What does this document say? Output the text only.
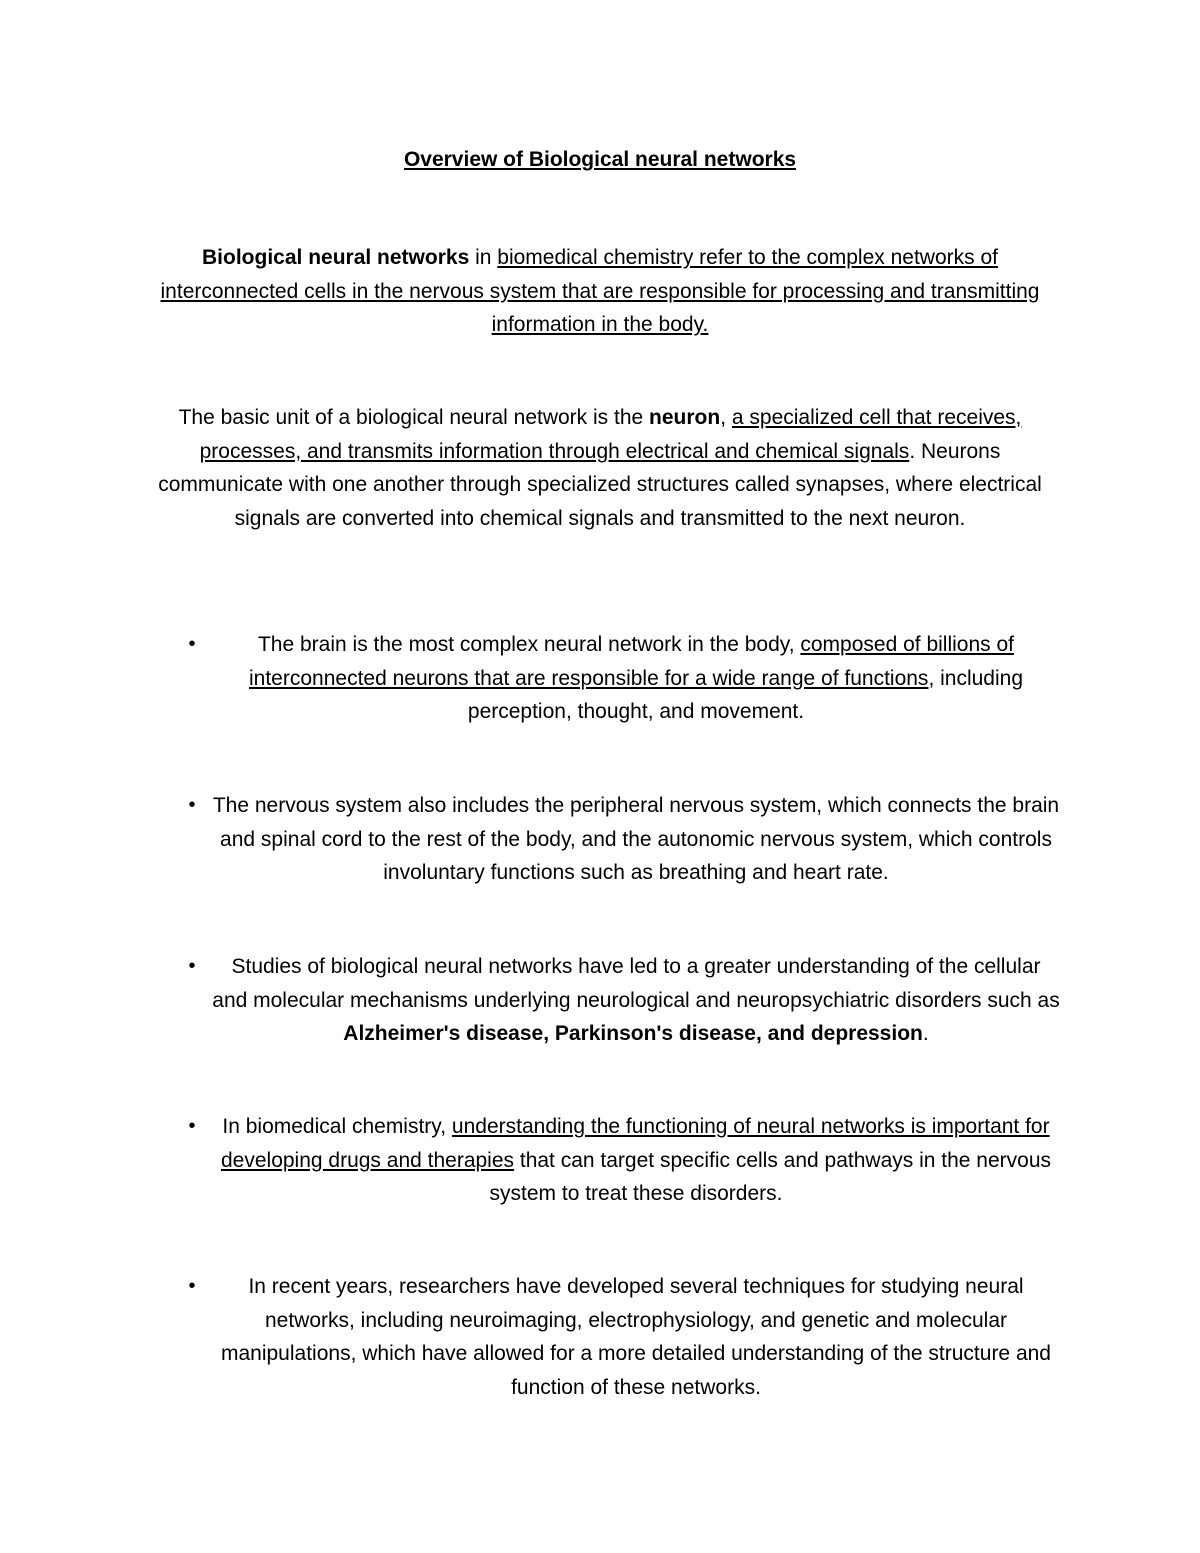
Overview of Biological neural networks
Biological neural networks in biomedical chemistry refer to the complex networks of interconnected cells in the nervous system that are responsible for processing and transmitting information in the body.
The basic unit of a biological neural network is the neuron, a specialized cell that receives, processes, and transmits information through electrical and chemical signals. Neurons communicate with one another through specialized structures called synapses, where electrical signals are converted into chemical signals and transmitted to the next neuron.
•	The brain is the most complex neural network in the body, composed of billions of interconnected neurons that are responsible for a wide range of functions, including perception, thought, and movement.
• The nervous system also includes the peripheral nervous system, which connects the brain and spinal cord to the rest of the body, and the autonomic nervous system, which controls involuntary functions such as breathing and heart rate.
•	Studies of biological neural networks have led to a greater understanding of the cellular and molecular mechanisms underlying neurological and neuropsychiatric disorders such as Alzheimer's disease, Parkinson's disease, and depression.
•	In biomedical chemistry, understanding the functioning of neural networks is important for developing drugs and therapies that can target specific cells and pathways in the nervous system to treat these disorders.
•	In recent years, researchers have developed several techniques for studying neural networks, including neuroimaging, electrophysiology, and genetic and molecular manipulations, which have allowed for a more detailed understanding of the structure and function of these networks.
